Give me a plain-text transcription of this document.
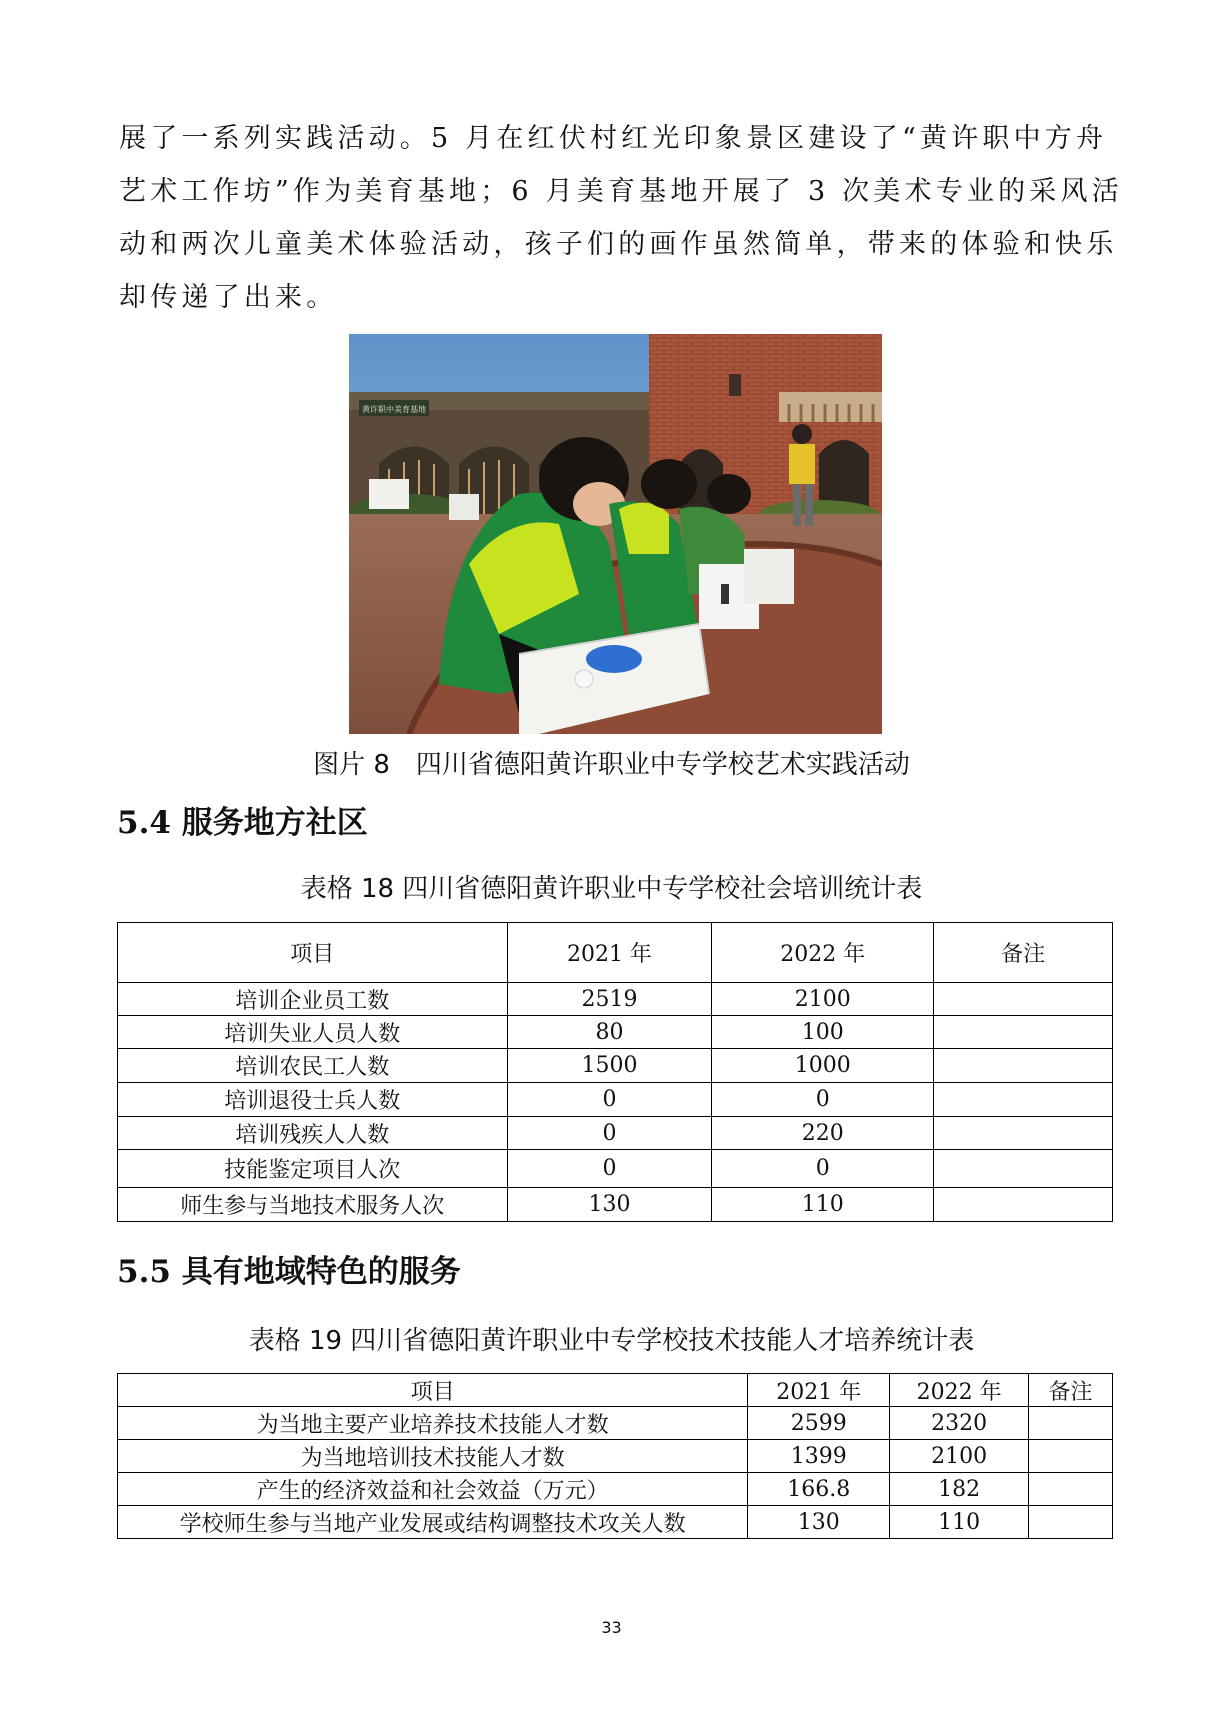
展了一系列实践活动。5 月在红伏村红光印象景区建设了“黄许职中方舟
艺术工作坊”作为美育基地；6 月美育基地开展了 3 次美术专业的采风活
动和两次儿童美术体验活动，孩子们的画作虽然简单，带来的体验和快乐
却传递了出来。
黄许职中美育基地
图片 8　四川省德阳黄许职业中专学校艺术实践活动
5.4 服务地方社区
表格 18 四川省德阳黄许职业中专学校社会培训统计表
项目	2021 年	2022 年	备注
培训企业员工数	2519	2100	
培训失业人员人数	80	100	
培训农民工人数	1500	1000	
培训退役士兵人数	0	0	
培训残疾人人数	0	220	
技能鉴定项目人次	0	0	
师生参与当地技术服务人次	130	110	
5.5 具有地域特色的服务
表格 19 四川省德阳黄许职业中专学校技术技能人才培养统计表
项目	2021 年	2022 年	备注
为当地主要产业培养技术技能人才数	2599	2320	
为当地培训技术技能人才数	1399	2100	
产生的经济效益和社会效益（万元）	166.8	182	
学校师生参与当地产业发展或结构调整技术攻关人数	130	110	
33
